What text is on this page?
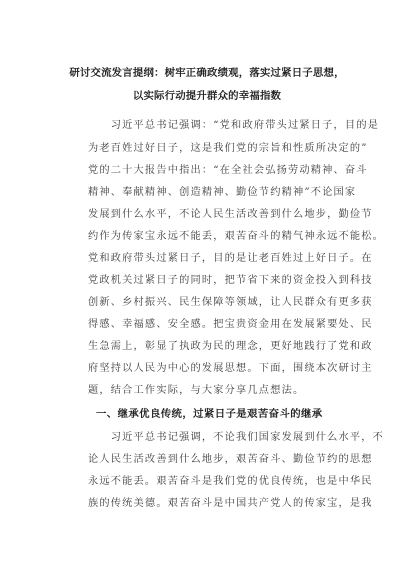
研讨交流发言提纲：树牢正确政绩观，落实过紧日子思想，
以实际行动提升群众的幸福指数
　　习近平总书记强调：“党和政府带头过紧日子，目的是
为老百姓过好日子，这是我们党的宗旨和性质所决定的”
党的二十大报告中指出：“在全社会弘扬劳动精神、奋斗
精神、奉献精神、创造精神、勤俭节约精神”不论国家
发展到什么水平，不论人民生活改善到什么地步，勤俭节
约作为传家宝永远不能丢，艰苦奋斗的精气神永远不能松。
党和政府带头过紧日子，目的是让老百姓过上好日子。在
党政机关过紧日子的同时，把节省下来的资金投入到科技
创新、乡村振兴、民生保障等领域，让人民群众有更多获
得感、幸福感、安全感。把宝贵资金用在发展紧要处、民
生急需上，彰显了执政为民的理念，更好地践行了党和政
府坚持以人民为中心的发展思想。下面，围绕本次研讨主
题，结合工作实际，与大家分享几点想法。
一、继承优良传统，过紧日子是艰苦奋斗的继承
　　习近平总书记强调，不论我们国家发展到什么水平，不
论人民生活改善到什么地步，艰苦奋斗、勤俭节约的思想
永远不能丢。艰苦奋斗是我们党的优良传统，也是中华民
族的传统美德。艰苦奋斗是中国共产党人的传家宝，是我
